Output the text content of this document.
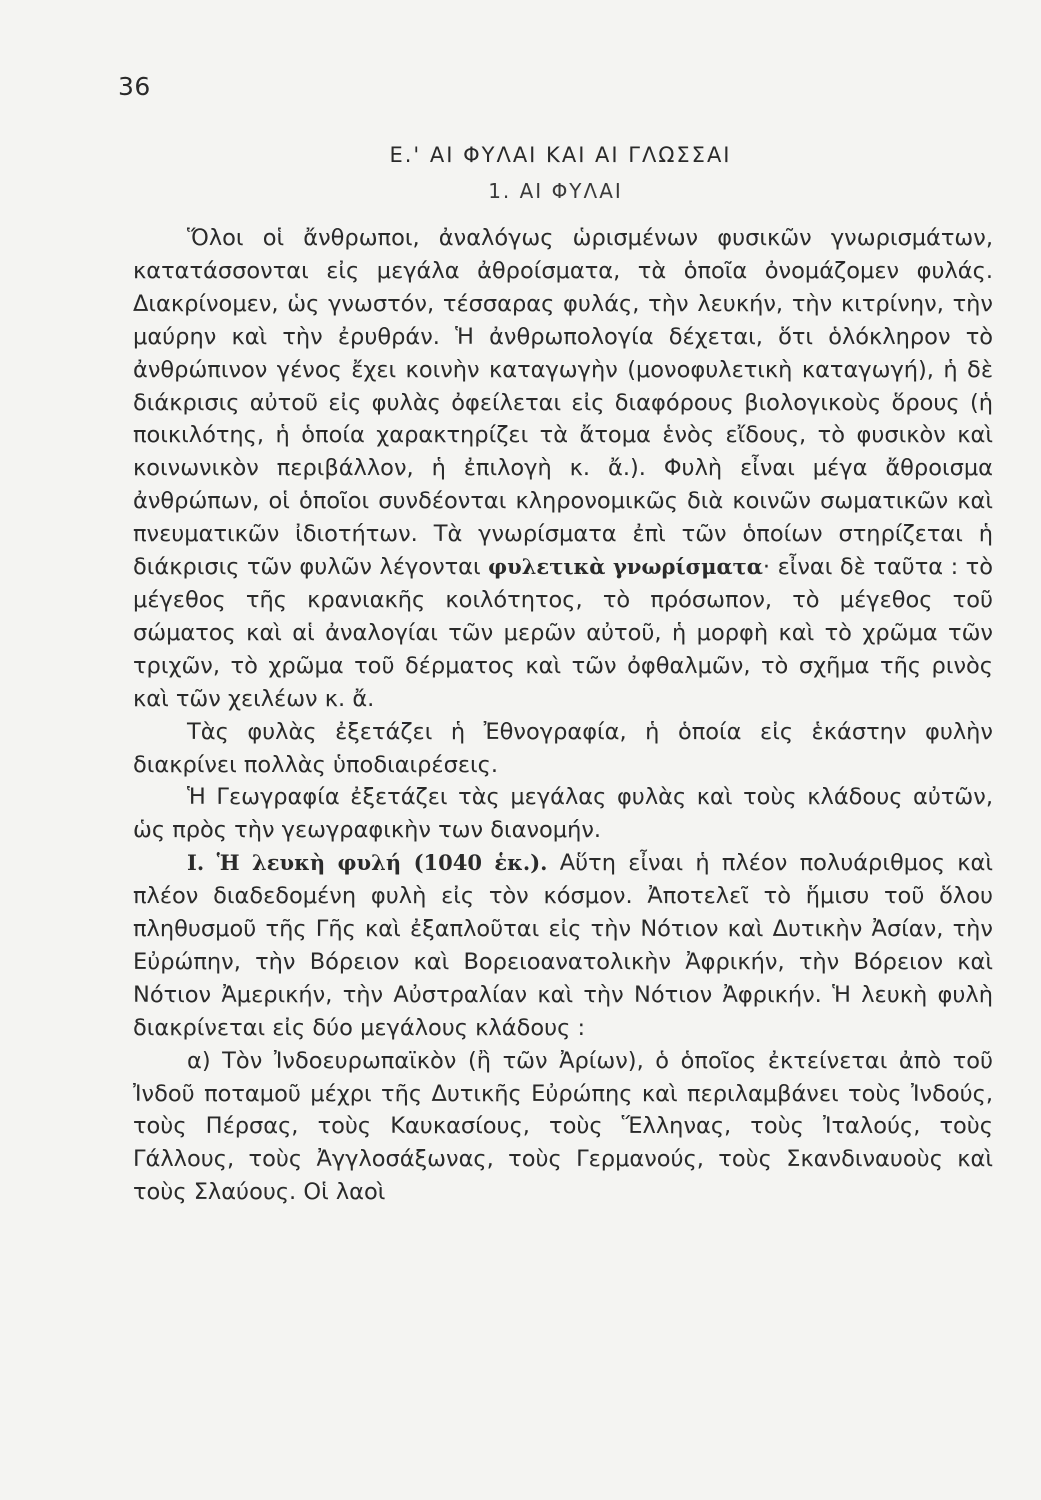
36
Ε.' ΑΙ ΦΥΛΑΙ ΚΑΙ ΑΙ ΓΛΩΣΣΑΙ
1. ΑΙ ΦΥΛΑΙ

Ὅλοι οἱ ἄνθρωποι, ἀναλόγως ὡρισμένων φυσικῶν γνωρισμάτων, κατατάσσονται εἰς μεγάλα ἀθροίσματα, τὰ ὁποῖα ὀνομάζομεν φυλάς. Διακρίνομεν, ὡς γνωστόν, τέσσαρας φυλάς, τὴν λευκήν, τὴν κιτρίνην, τὴν μαύρην καὶ τὴν ἐρυθράν. Ἡ ἀνθρωπολογία δέχεται, ὅτι ὁλόκληρον τὸ ἀνθρώπινον γένος ἔχει κοινὴν καταγωγὴν (μονοφυλετικὴ καταγωγή), ἡ δὲ διάκρισις αὐτοῦ εἰς φυλὰς ὀφείλεται εἰς διαφόρους βιολογικοὺς ὅρους (ἡ ποικιλότης, ἡ ὁποία χαρακτηρίζει τὰ ἄτομα ἑνὸς εἴδους, τὸ φυσικὸν καὶ κοινωνικὸν περιβάλλον, ἡ ἐπιλογὴ κ. ἄ.). Φυλὴ εἶναι μέγα ἄθροισμα ἀνθρώπων, οἱ ὁποῖοι συνδέονται κληρονομικῶς διὰ κοινῶν σωματικῶν καὶ πνευματικῶν ἰδιοτήτων. Τὰ γνωρίσματα ἐπὶ τῶν ὁποίων στηρίζεται ἡ διάκρισις τῶν φυλῶν λέγονται φυλετικὰ γνωρίσματα· εἶναι δὲ ταῦτα : τὸ μέγεθος τῆς κρανιακῆς κοιλότητος, τὸ πρόσωπον, τὸ μέγεθος τοῦ σώματος καὶ αἱ ἀναλογίαι τῶν μερῶν αὐτοῦ, ἡ μορφὴ καὶ τὸ χρῶμα τῶν τριχῶν, τὸ χρῶμα τοῦ δέρματος καὶ τῶν ὀφθαλμῶν, τὸ σχῆμα τῆς ρινὸς καὶ τῶν χειλέων κ. ἄ.

Τὰς φυλὰς ἐξετάζει ἡ Ἐθνογραφία, ἡ ὁποία εἰς ἑκάστην φυλὴν διακρίνει πολλὰς ὑποδιαιρέσεις.

Ἡ Γεωγραφία ἐξετάζει τὰς μεγάλας φυλὰς καὶ τοὺς κλάδους αὐτῶν, ὡς πρὸς τὴν γεωγραφικὴν των διανομήν.

Ι. Ἡ λευκὴ φυλή (1040 ἑκ.). Αὕτη εἶναι ἡ πλέον πολυάριθμος καὶ πλέον διαδεδομένη φυλὴ εἰς τὸν κόσμον. Ἀποτελεῖ τὸ ἥμισυ τοῦ ὅλου πληθυσμοῦ τῆς Γῆς καὶ ἐξαπλοῦται εἰς τὴν Νότιον καὶ Δυτικὴν Ἀσίαν, τὴν Εὐρώπην, τὴν Βόρειον καὶ Βορειοανατολικὴν Ἀφρικήν, τὴν Βόρειον καὶ Νότιον Ἀμερικήν, τὴν Αὐστραλίαν καὶ τὴν Νότιον Ἀφρικήν. Ἡ λευκὴ φυλὴ διακρίνεται εἰς δύο μεγάλους κλάδους :

α) Τὸν Ἰνδοευρωπαϊκὸν (ἢ τῶν Ἀρίων), ὁ ὁποῖος ἐκτείνεται ἀπὸ τοῦ Ἰνδοῦ ποταμοῦ μέχρι τῆς Δυτικῆς Εὐρώπης καὶ περιλαμβάνει τοὺς Ἰνδούς, τοὺς Πέρσας, τοὺς Καυκασίους, τοὺς Ἕλληνας, τοὺς Ἰταλούς, τοὺς Γάλλους, τοὺς Ἀγγλοσάξωνας, τοὺς Γερμανούς, τοὺς Σκανδιναυοὺς καὶ τοὺς Σλαύους. Οἱ λαοὶ
